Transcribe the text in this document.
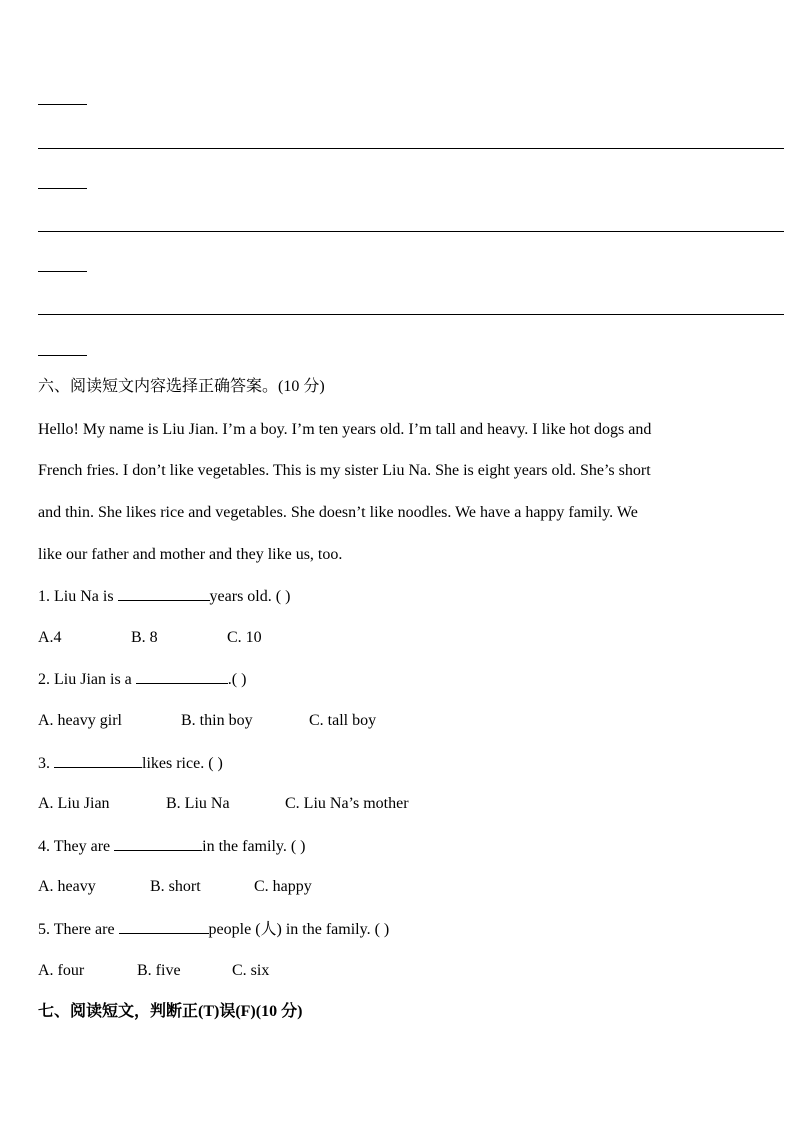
六、阅读短文内容选择正确答案。(10 分)
Hello! My name is Liu Jian. I’m a boy. I’m ten years old. I’m tall and heavy. I like hot dogs and
French fries. I don’t like vegetables. This is my sister Liu Na. She is eight years old. She’s short
and thin. She likes rice and vegetables. She doesn’t like noodles. We have a happy family. We
like our father and mother and they like us, too.
1. Liu Na is	years old. ( )
A.4	B. 8	C. 10
2. Liu Jian is a	.( )
A. heavy girl	B. thin boy	C. tall boy
3.	likes rice. ( )
A. Liu Jian	B. Liu Na	C. Liu Na’s mother
4. They are	in the family. ( )
A. heavy	B. short	C. happy
5. There are	people (人) in the family. ( )
A. four	B. five	C. six
七、阅读短文，判断正(T)误(F)(10 分)
